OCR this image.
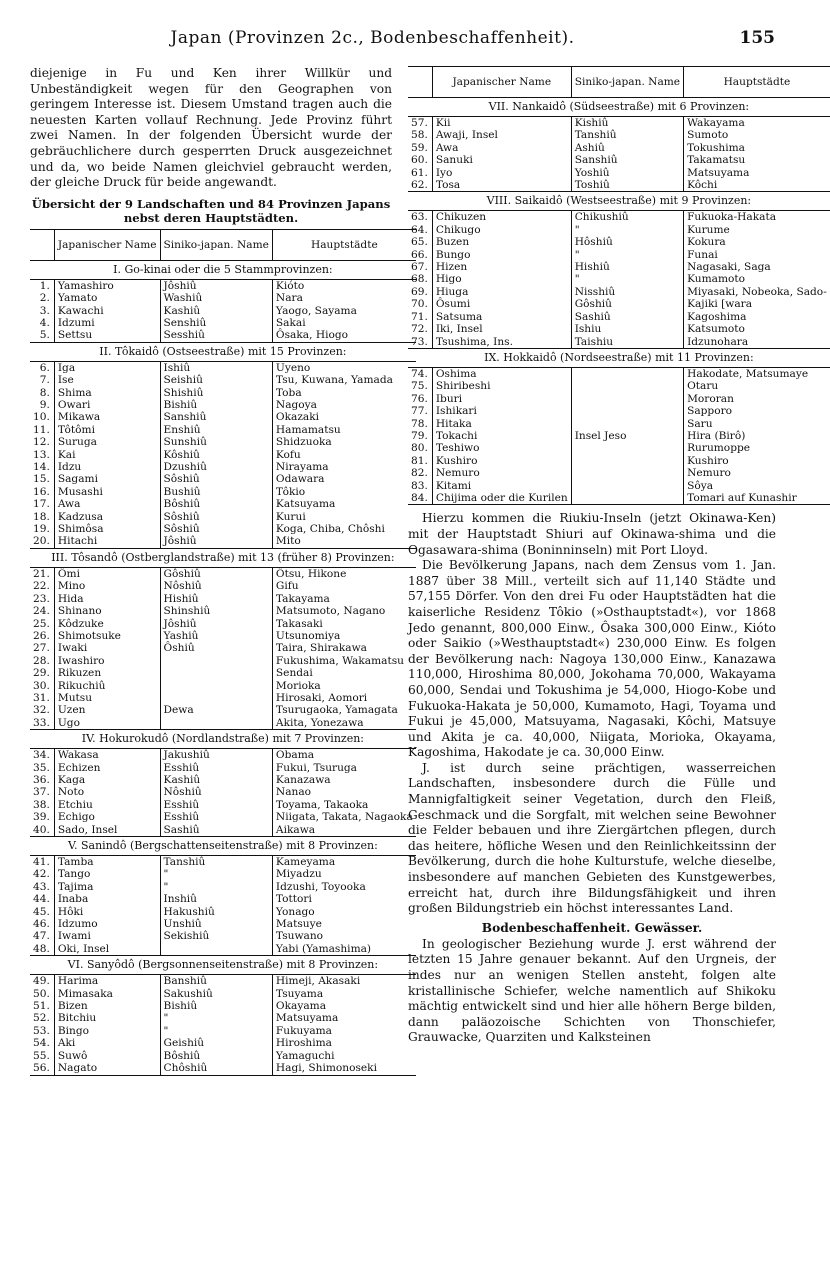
Japan (Provinzen 2c., Bodenbeschaffenheit).	155

diejenige in Fu und Ken ihrer Willkür und Unbeständigkeit wegen für den Geographen von geringem Interesse ist. Diesem Umstand tragen auch die neuesten Karten vollauf Rechnung. Jede Provinz führt zwei Namen. In der folgenden Übersicht wurde der gebräuchlichere durch gesperrten Druck ausgezeichnet und da, wo beide Namen gleichviel gebraucht werden, der gleiche Druck für beide angewandt.

Übersicht der 9 Landschaften und 84 Provinzen Japans nebst deren Hauptstädten.
	Japanischer Name	Siniko-japan. Name	Hauptstädte
I. Go-kinai oder die 5 Stammprovinzen:			
1.	Yamashiro	Jôshiû	Kióto
2.	Yamato	Washiû	Nara
3.	Kawachi	Kashiû	Yaogo, Sayama
4.	Idzumi	Senshiû	Sakai
5.	Settsu	Sesshiû	Ôsaka, Hiogo
II. Tôkaidô (Ostseestraße) mit 15 Provinzen:			
6.	Iga	Ishiû	Uyeno
7.	Ise	Seishiû	Tsu, Kuwana, Yamada
8.	Shima	Shishiû	Toba
9.	Owari	Bishiû	Nagoya
10.	Mikawa	Sanshiû	Okazaki
11.	Tôtômi	Enshiû	Hamamatsu
12.	Suruga	Sunshiû	Shidzuoka
13.	Kai	Kôshiû	Kofu
14.	Idzu	Dzushiû	Nirayama
15.	Sagami	Sôshiû	Odawara
16.	Musashi	Bushiû	Tôkio
17.	Awa	Bôshiû	Katsuyama
18.	Kadzusa	Sôshiû	Kurui
19.	Shimôsa	Sôshiû	Koga, Chiba, Chôshi
20.	Hitachi	Jôshiû	Mito
III. Tôsandô (Ostberglandstraße) mit 13 (früher 8) Provinzen:			
21.	Ômi	Gôshiû	Ôtsu, Hikone
22.	Mino	Nôshiû	Gifu
23.	Hida	Hishiû	Takayama
24.	Shinano	Shinshiû	Matsumoto, Nagano
25.	Kôdzuke	Jôshiû	Takasaki
26.	Shimotsuke	Yashiû	Utsunomiya
27.	Iwaki	Ôshiû	Taira, Shirakawa
28.	Iwashiro		Fukushima, Wakamatsu
29.	Rikuzen		Sendai
30.	Rikuchiû		Morioka
31.	Mutsu		Hirosaki, Aomori
32.	Uzen	Dewa	Tsurugaoka, Yamagata
33.	Ugo		Akita, Yonezawa
IV. Hokurokudô (Nordlandstraße) mit 7 Provinzen:			
34.	Wakasa	Jakushiû	Obama
35.	Echizen	Esshiû	Fukui, Tsuruga
36.	Kaga	Kashiû	Kanazawa
37.	Noto	Nôshiû	Nanao
38.	Etchiu	Esshiû	Toyama, Takaoka
39.	Echigo	Esshiû	Niigata, Takata, Nagaoka
40.	Sado, Insel	Sashiû	Aikawa
V. Sanindô (Bergschattenseitenstraße) mit 8 Provinzen:			
41.	Tamba	Tanshiû	Kameyama
42.	Tango	"	Miyadzu
43.	Tajima	"	Idzushi, Toyooka
44.	Inaba	Inshiû	Tottori
45.	Hôki	Hakushiû	Yonago
46.	Idzumo	Unshiû	Matsuye
47.	Iwami	Sekishiû	Tsuwano
48.	Oki, Insel		Yabi (Yamashima)
VI. Sanyôdô (Bergsonnenseitenstraße) mit 8 Provinzen:			
49.	Harima	Banshiû	Himeji, Akasaki
50.	Mimasaka	Sakushiû	Tsuyama
51.	Bizen	Bishiû	Okayama
52.	Bitchiu	"	Matsuyama
53.	Bingo	"	Fukuyama
54.	Aki	Geishiû	Hiroshima
55.	Suwô	Bôshiû	Yamaguchi
56.	Nagato	Chôshiû	Hagi, Shimonoseki
	Japanischer Name	Siniko-japan. Name	Hauptstädte
VII. Nankaidô (Südseestraße) mit 6 Provinzen:			
57.	Kii	Kishiû	Wakayama
58.	Awaji, Insel	Tanshiû	Sumoto
59.	Awa	Ashiû	Tokushima
60.	Sanuki	Sanshiû	Takamatsu
61.	Iyo	Yoshiû	Matsuyama
62.	Tosa	Toshiû	Kôchi
VIII. Saikaidô (Westseestraße) mit 9 Provinzen:			
63.	Chikuzen	Chikushiû	Fukuoka-Hakata
64.	Chikugo	"	Kurume
65.	Buzen	Hôshiû	Kokura
66.	Bungo	"	Funai
67.	Hizen	Hishiû	Nagasaki, Saga
68.	Higo	"	Kumamoto
69.	Hiuga	Nisshiû	Miyasaki, Nobeoka, Sado-
70.	Ôsumi	Gôshiû	Kajiki [wara
71.	Satsuma	Sashiû	Kagoshima
72.	Iki, Insel	Ishiu	Katsumoto
73.	Tsushima, Ins.	Taishiu	Idzunohara
IX. Hokkaidô (Nordseestraße) mit 11 Provinzen:			
74.	Oshima		Hakodate, Matsumaye
75.	Shiribeshi		Otaru
76.	Iburi		Mororan
77.	Ishikari		Sapporo
78.	Hitaka		Saru
79.	Tokachi	Insel Jeso	Hira (Birô)
80.	Teshiwo		Rurumoppe
81.	Kushiro		Kushiro
82.	Nemuro		Nemuro
83.	Kitami		Sôya
84.	Chijima oder die Kurilen		Tomari auf Kunashir

Hierzu kommen die Riukiu-Inseln (jetzt Okinawa-Ken) mit der Hauptstadt Shiuri auf Okinawa-shima und die Ogasawara-shima (Boninninseln) mit Port Lloyd.

Die Bevölkerung Japans, nach dem Zensus vom 1. Jan. 1887 über 38 Mill., verteilt sich auf 11,140 Städte und 57,155 Dörfer. Von den drei Fu oder Hauptstädten hat die kaiserliche Residenz Tôkio (»Osthauptstadt«), vor 1868 Jedo genannt, 800,000 Einw., Ôsaka 300,000 Einw., Kióto oder Saikio (»Westhauptstadt«) 230,000 Einw. Es folgen der Bevölkerung nach: Nagoya 130,000 Einw., Kanazawa 110,000, Hiroshima 80,000, Jokohama 70,000, Wakayama 60,000, Sendai und Tokushima je 54,000, Hiogo-Kobe und Fukuoka-Hakata je 50,000, Kumamoto, Hagi, Toyama und Fukui je 45,000, Matsuyama, Nagasaki, Kôchi, Matsuye und Akita je ca. 40,000, Niigata, Morioka, Okayama, Kagoshima, Hakodate je ca. 30,000 Einw.

J. ist durch seine prächtigen, wasserreichen Landschaften, insbesondere durch die Fülle und Mannigfaltigkeit seiner Vegetation, durch den Fleiß, Geschmack und die Sorgfalt, mit welchen seine Bewohner die Felder bebauen und ihre Ziergärtchen pflegen, durch das heitere, höfliche Wesen und den Reinlichkeitssinn der Bevölkerung, durch die hohe Kulturstufe, welche dieselbe, insbesondere auf manchen Gebieten des Kunstgewerbes, erreicht hat, durch ihre Bildungsfähigkeit und ihren großen Bildungstrieb ein höchst interessantes Land.

Bodenbeschaffenheit. Gewässer.

In geologischer Beziehung wurde J. erst während der letzten 15 Jahre genauer bekannt. Auf den Urgneis, der indes nur an wenigen Stellen ansteht, folgen alte kristallinische Schiefer, welche namentlich auf Shikoku mächtig entwickelt sind und hier alle höhern Berge bilden, dann paläozoische Schichten von Thonschiefer, Grauwacke, Quarziten und Kalksteinen
